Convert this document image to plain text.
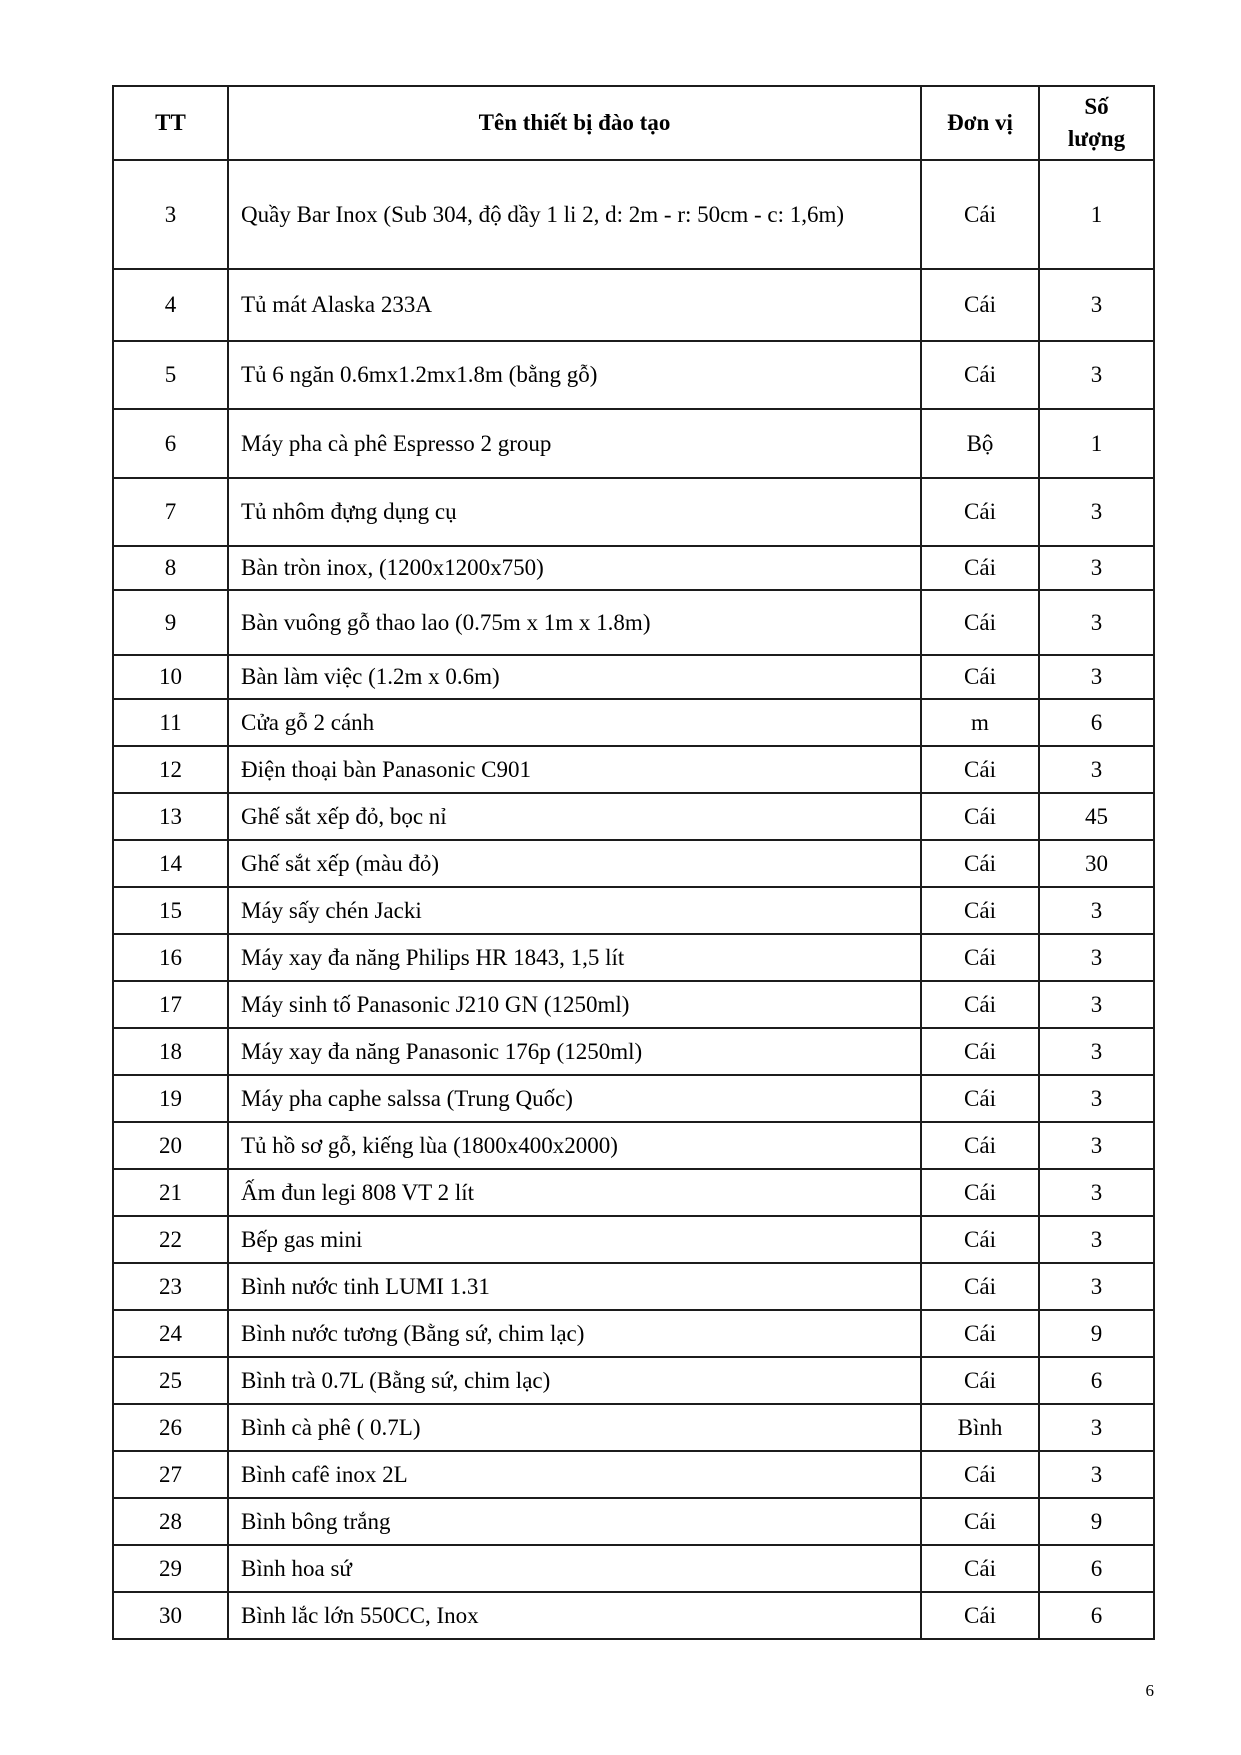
TT	Tên thiết bị đào tạo	Đơn vị	Số lượng
3	Quầy Bar Inox (Sub 304, độ dầy 1 li 2, d: 2m - r: 50cm - c: 1,6m)	Cái	1
4	Tủ mát Alaska 233A	Cái	3
5	Tủ 6 ngăn 0.6mx1.2mx1.8m (bằng gỗ)	Cái	3
6	Máy pha cà phê Espresso 2 group	Bộ	1
7	Tủ nhôm đựng dụng cụ	Cái	3
8	Bàn tròn inox, (1200x1200x750)	Cái	3
9	Bàn vuông gỗ thao lao (0.75m x 1m x 1.8m)	Cái	3
10	Bàn làm việc (1.2m x 0.6m)	Cái	3
11	Cửa gỗ 2 cánh	m	6
12	Điện thoại bàn Panasonic C901	Cái	3
13	Ghế sắt xếp đỏ, bọc nỉ	Cái	45
14	Ghế sắt xếp (màu đỏ)	Cái	30
15	Máy sấy chén Jacki	Cái	3
16	Máy xay đa năng Philips HR 1843, 1,5 lít	Cái	3
17	Máy sinh tố Panasonic J210 GN (1250ml)	Cái	3
18	Máy xay đa năng Panasonic 176p (1250ml)	Cái	3
19	Máy pha caphe salssa (Trung Quốc)	Cái	3
20	Tủ hồ sơ gỗ, kiếng lùa (1800x400x2000)	Cái	3
21	Ấm đun legi 808 VT 2 lít	Cái	3
22	Bếp gas mini	Cái	3
23	Bình nước tinh LUMI 1.31	Cái	3
24	Bình nước tương (Bằng sứ, chim lạc)	Cái	9
25	Bình trà 0.7L (Bằng sứ, chim lạc)	Cái	6
26	Bình cà phê ( 0.7L)	Bình	3
27	Bình cafê inox 2L	Cái	3
28	Bình bông trắng	Cái	9
29	Bình hoa sứ	Cái	6
30	Bình lắc lớn 550CC, Inox	Cái	6
6
